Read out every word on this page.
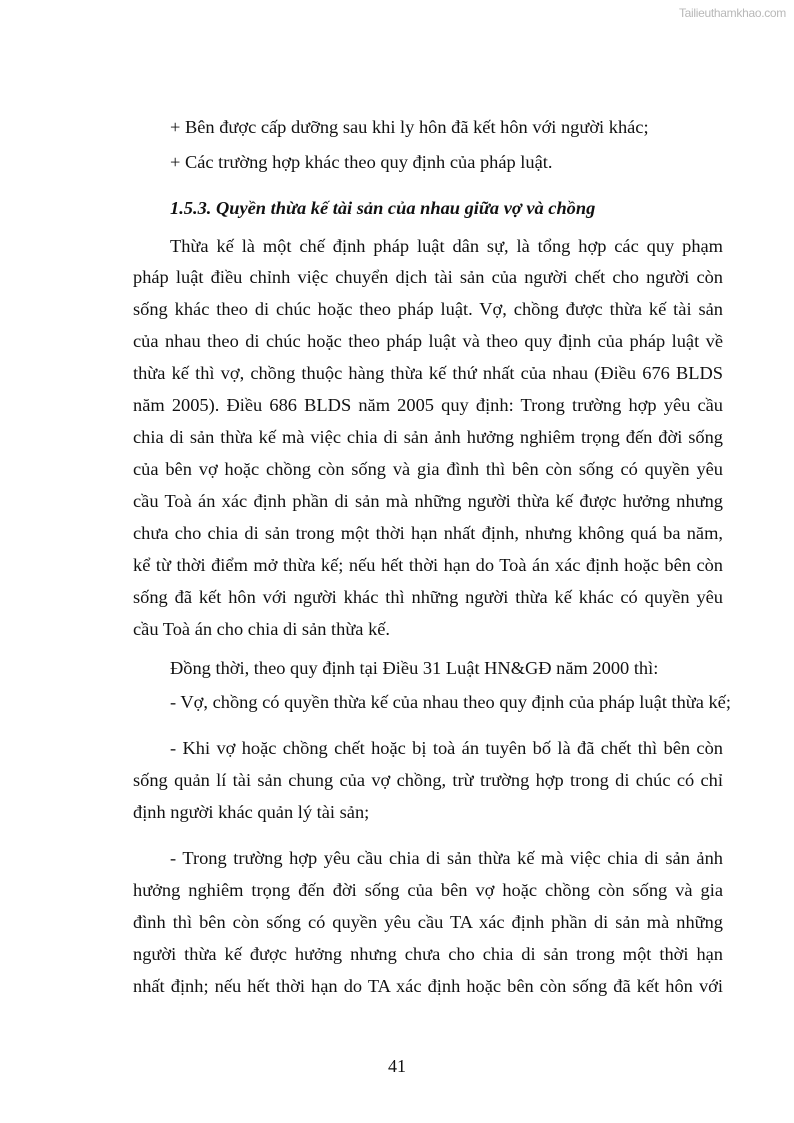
Tailieuthamkhao.com
+ Bên được cấp dưỡng sau khi ly hôn đã kết hôn với người khác;
+ Các trường hợp khác theo quy định của pháp luật.
1.5.3. Quyền thừa kế tài sản của nhau giữa vợ và chồng
Thừa kế là một chế định pháp luật dân sự, là tổng hợp các quy phạm
pháp luật điều chỉnh việc chuyển dịch tài sản của người chết cho người còn
sống khác theo di chúc hoặc theo pháp luật. Vợ, chồng được thừa kế tài sản
của nhau theo di chúc hoặc theo pháp luật và theo quy định của pháp luật về
thừa kế thì vợ, chồng thuộc hàng thừa kế thứ nhất của nhau (Điều 676 BLDS
năm 2005). Điều 686 BLDS năm 2005 quy định: Trong trường hợp yêu cầu
chia di sản thừa kế mà việc chia di sản ảnh hưởng nghiêm trọng đến đời sống
của bên vợ hoặc chồng còn sống và gia đình thì bên còn sống có quyền yêu
cầu Toà án xác định phần di sản mà những người thừa kế được hưởng nhưng
chưa cho chia di sản trong một thời hạn nhất định, nhưng không quá ba năm,
kể từ thời điểm mở thừa kế; nếu hết thời hạn do Toà án xác định hoặc bên còn
sống đã kết hôn với người khác thì những người thừa kế khác có quyền yêu
cầu Toà án cho chia di sản thừa kế.
Đồng thời, theo quy định tại Điều 31 Luật HN&GĐ năm 2000 thì:
- Vợ, chồng có quyền thừa kế của nhau theo quy định của pháp luật thừa kế;
- Khi vợ hoặc chồng chết hoặc bị toà án tuyên bố là đã chết thì bên còn
sống quản lí tài sản chung của vợ chồng, trừ trường hợp trong di chúc có chỉ
định người khác quản lý tài sản;
- Trong trường hợp yêu cầu chia di sản thừa kế mà việc chia di sản ảnh
hưởng nghiêm trọng đến đời sống của bên vợ hoặc chồng còn sống và gia
đình thì bên còn sống có quyền yêu cầu TA xác định phần di sản mà những
người thừa kế được hưởng nhưng chưa cho chia di sản trong một thời hạn
nhất định; nếu hết thời hạn do TA xác định hoặc bên còn sống đã kết hôn với
41
